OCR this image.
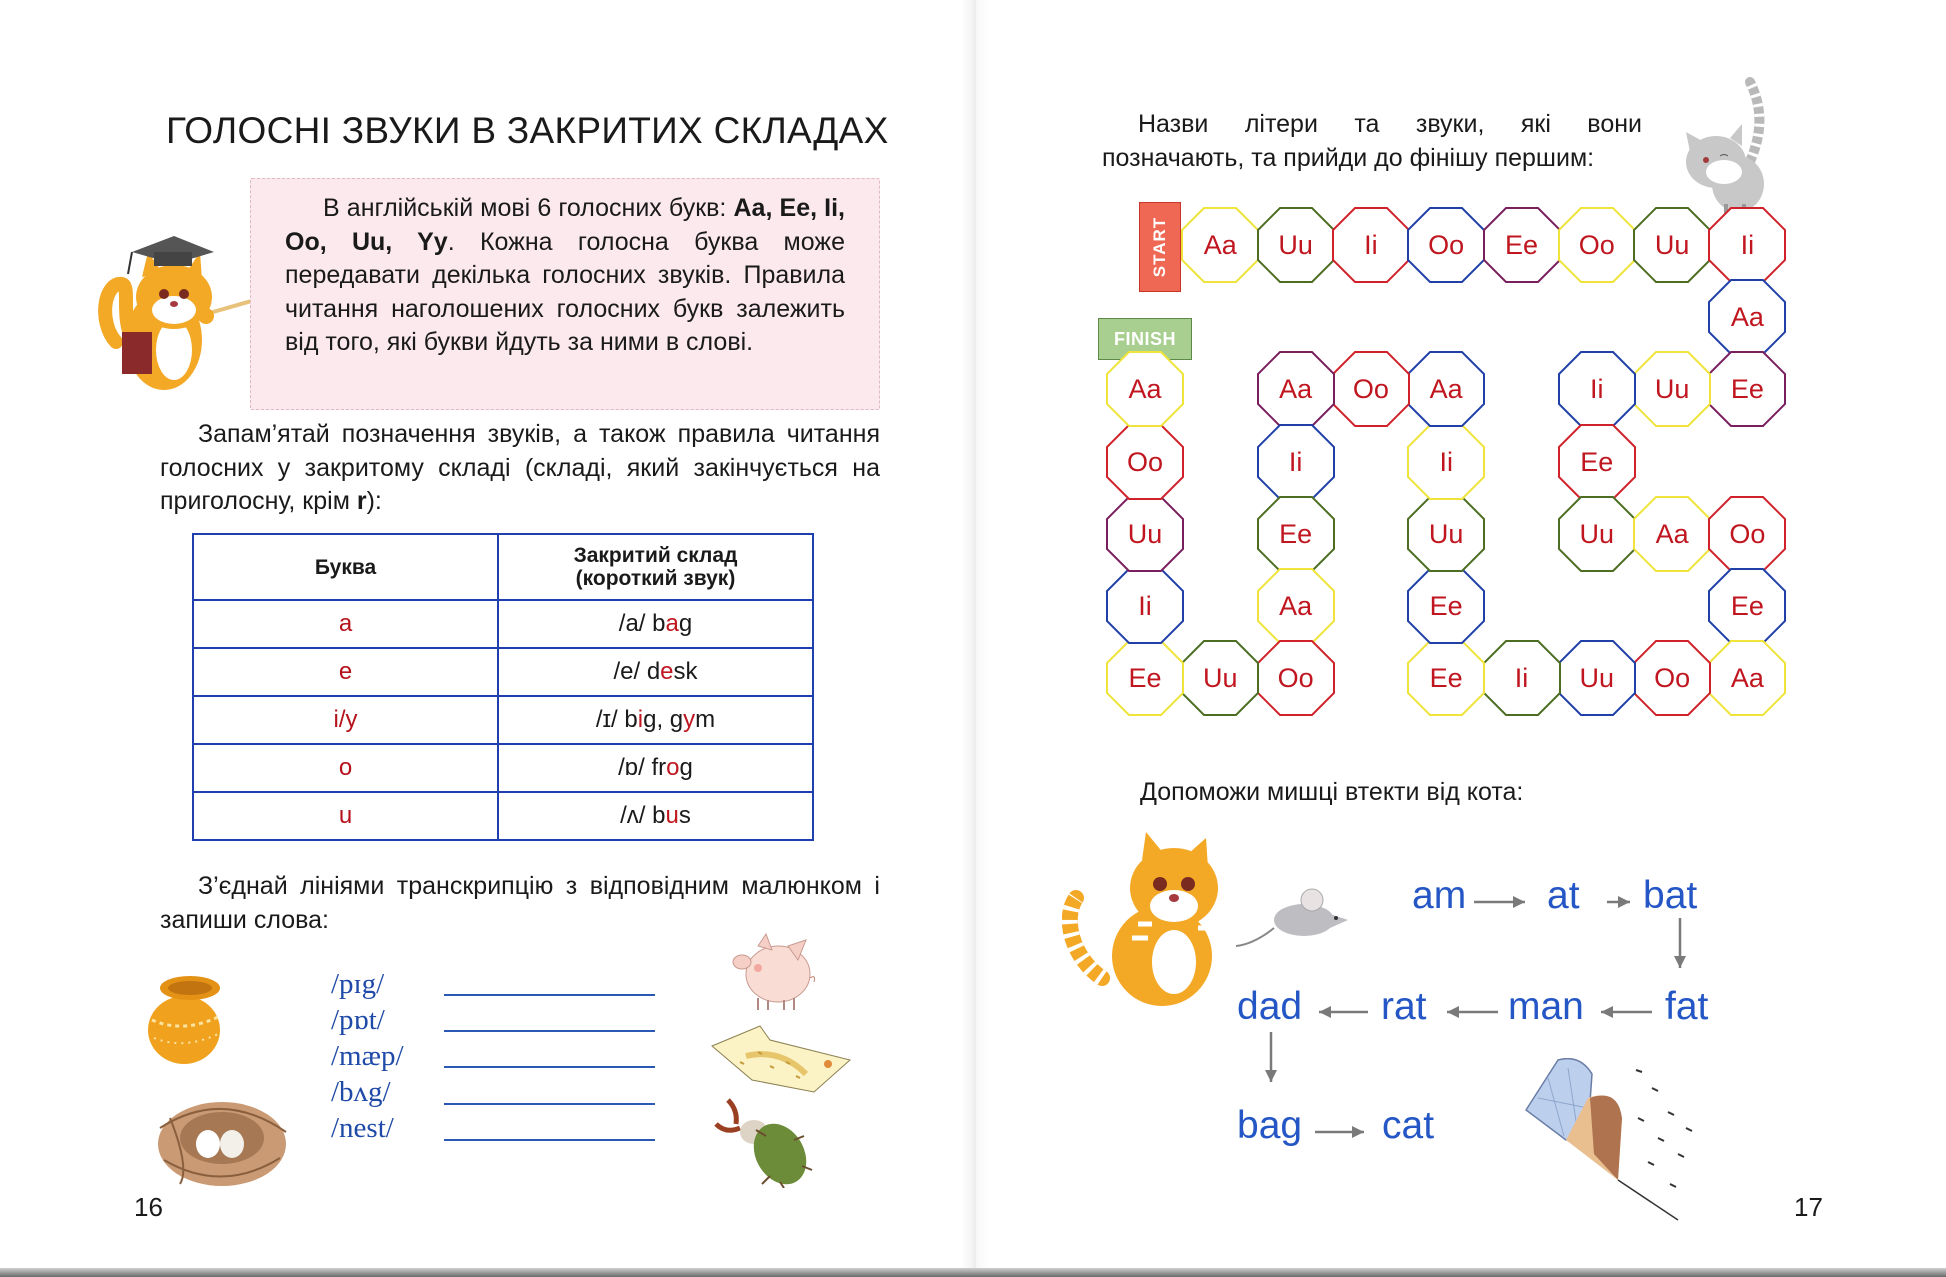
ГОЛОСНІ ЗВУКИ В ЗАКРИТИХ СКЛАДАХ
В англійській мові 6 голосних букв: Aa, Ee, Ii, Oo, Uu, Yy. Кожна голосна буква може передавати декілька голосних звуків. Правила читання наголошених голосних букв залежить від того, які букви йдуть за ними в слові.
Запам’ятай позначення звуків, а також правила читання голосних у закритому складі (складі, який закінчується на приголосну, крім r):
Буква	Закритий склад (короткий звук)

a	/a/ bag
e	/e/ desk
i/y	/ɪ/ big, gym
o	/ɒ/ frog
u	/ʌ/ bus
З’єднай лініями транскрипцію з відповідним малюнком і запиши слова:
/pɪg/
/pɒt/
/mæp/
/bʌg/
/nest/
16
Назви літери та звуки, які вони позначають, та прийди до фінішу першим:
START
FINISH
Aa	Uu	Ii	Oo	Ee	Oo	Uu	Ii
Aa
Ee
Uu
Ii
Ee
Uu	Aa	Oo
Ee
Aa
Oo
Uu
Ii
Ee
Ee
Uu
Ii
Aa
Oo
Aa
Ii
Ee
Aa
Oo
Uu
Ee
Ii
Uu
Oo
Aa
Допоможи мишці втекти від кота:
am at bat
dad rat man fat
bag cat
17
